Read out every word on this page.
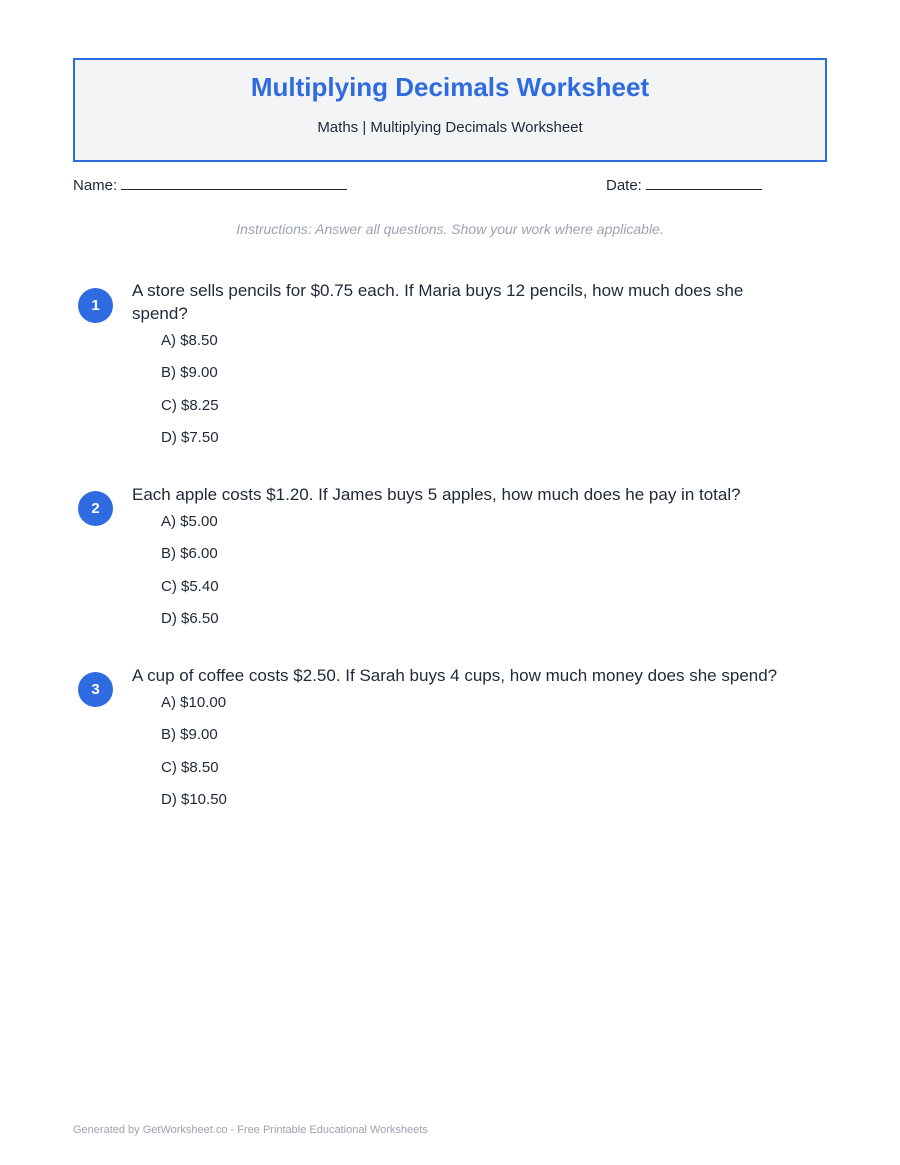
Multiplying Decimals Worksheet
Maths | Multiplying Decimals Worksheet
Name:	Date:
Instructions: Answer all questions. Show your work where applicable.
1
A store sells pencils for $0.75 each. If Maria buys 12 pencils, how much does she spend?
A) $8.50
B) $9.00
C) $8.25
D) $7.50
2
Each apple costs $1.20. If James buys 5 apples, how much does he pay in total?
A) $5.00
B) $6.00
C) $5.40
D) $6.50
3
A cup of coffee costs $2.50. If Sarah buys 4 cups, how much money does she spend?
A) $10.00
B) $9.00
C) $8.50
D) $10.50
Generated by GetWorksheet.co - Free Printable Educational Worksheets
